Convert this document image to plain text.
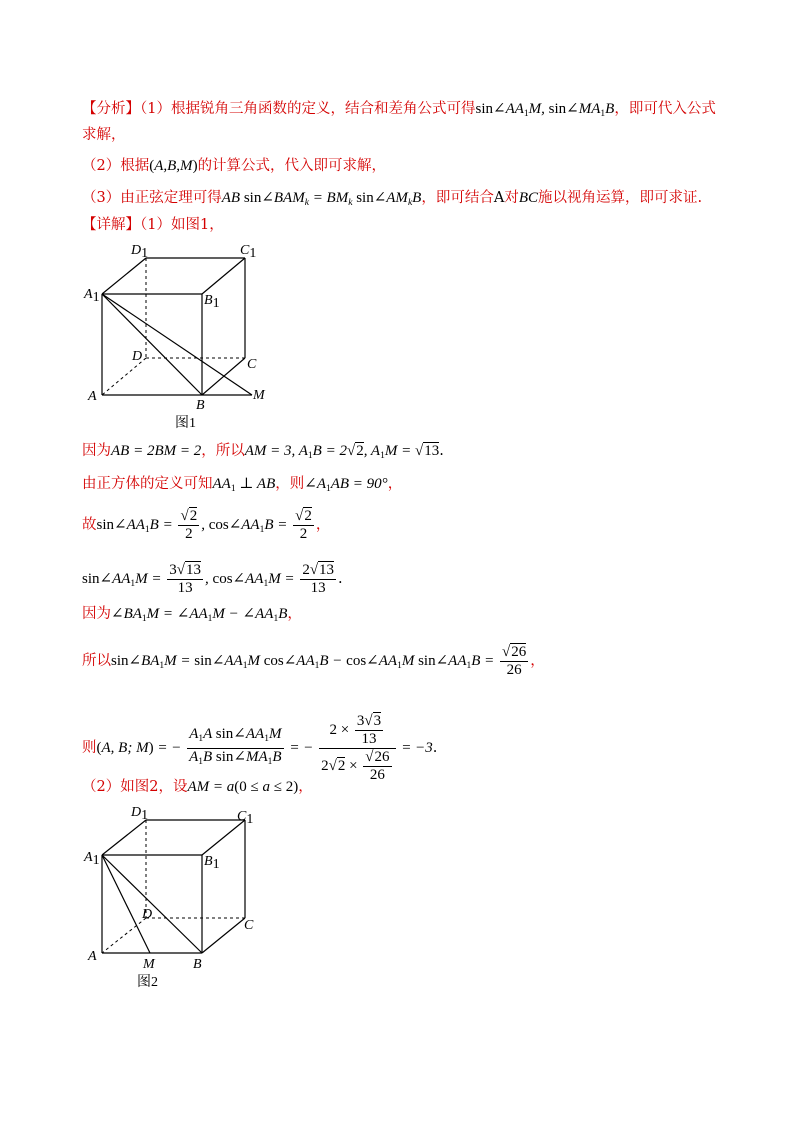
【分析】（1）根据锐角三角函数的定义，结合和差角公式可得$\sin\angle AA_1M$, $\sin\angle MA_1B$，即可代入公式
求解，
（2）根据(A,B,M)的计算公式，代入即可求解，
（3）由正弦定理可得AB $\sin\angle BAM_k = BM_k$ $\sin\angle AM_kB$，即可结合A对BC施以视角运算，即可求证.
【详解】（1）如图1，
D1	C1
A1	B1
D
C
A
B
M
图1
因为AB = 2BM = 2，所以AM = 3, $A_1B = 2√2$, $A_1M = √13$.
由正方体的定义可知$AA_1$ ⊥ AB，则$\angle A_1AB = 90^\circ$，
故$\sin\angle AA_1B = \frac{√2}{2}$ , $\cos\angle AA_1B = \frac{√2}{2}$ ，
$\sin\angle AA_1M = \frac{3√13}{13}$ , $\cos\angle AA_1M = \frac{2√13}{13}$ .
因为$\angle BA_1M$ = $\angle AA_1M$ − $\angle AA_1B$，
所以$\sin\angle BA_1M$ = $\sin\angle AA_1M$ $\cos\angle AA_1B$ − $\cos\angle AA_1M$ $\sin\angle AA_1B = \frac{√26}{26}$ ，
则(A, B; M) = − $\frac{A_1A \sin\angle AA_1M}{A_1B \sin\angle MA_1B}$ = − $\frac{2 \times \frac{3√3}{13}}{2√2 \times \frac{√26}{26}} = -3$.
（2）如图2，设AM = a(0 ≤ a ≤ 2)，
D1	C1
A1	B1
D
C
A
M	B
图2
